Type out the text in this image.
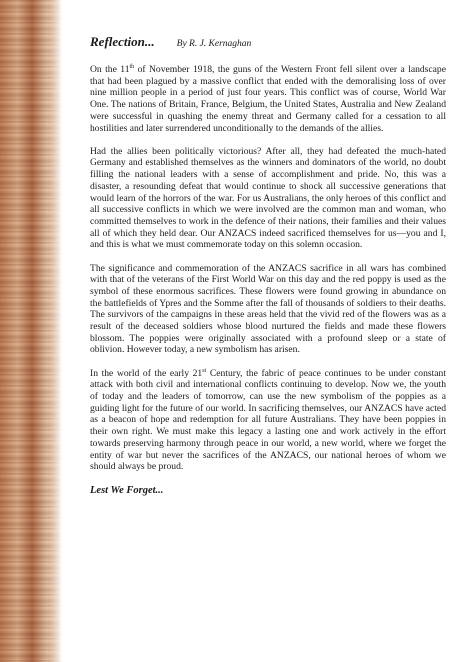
Reflection... By R. J. Kernaghan

On the 11th of November 1918, the guns of the Western Front fell silent over a landscape that had been plagued by a massive conflict that ended with the demoralising loss of over nine million people in a period of just four years. This conflict was of course, World War One. The nations of Britain, France, Belgium, the United States, Australia and New Zealand were successful in quashing the enemy threat and Germany called for a cessation to all hostilities and later surrendered unconditionally to the demands of the allies.

Had the allies been politically victorious? After all, they had defeated the much-hated Germany and established themselves as the winners and dominators of the world, no doubt filling the national leaders with a sense of accomplishment and pride. No, this was a disaster, a resounding defeat that would continue to shock all successive generations that would learn of the horrors of the war. For us Australians, the only heroes of this conflict and all successive conflicts in which we were involved are the common man and woman, who committed themselves to work in the defence of their nations, their families and their values all of which they held dear. Our ANZACS indeed sacrificed themselves for us—you and I, and this is what we must commemorate today on this solemn occasion.

The significance and commemoration of the ANZACS sacrifice in all wars has combined with that of the veterans of the First World War on this day and the red poppy is used as the symbol of these enormous sacrifices. These flowers were found growing in abundance on the battlefields of Ypres and the Somme after the fall of thousands of soldiers to their deaths. The survivors of the campaigns in these areas held that the vivid red of the flowers was as a result of the deceased soldiers whose blood nurtured the fields and made these flowers blossom. The poppies were originally associated with a profound sleep or a state of oblivion. However today, a new symbolism has arisen.

In the world of the early 21st Century, the fabric of peace continues to be under constant attack with both civil and international conflicts continuing to develop. Now we, the youth of today and the leaders of tomorrow, can use the new symbolism of the poppies as a guiding light for the future of our world. In sacrificing themselves, our ANZACS have acted as a beacon of hope and redemption for all future Australians. They have been poppies in their own right. We must make this legacy a lasting one and work actively in the effort towards preserving harmony through peace in our world, a new world, where we forget the entity of war but never the sacrifices of the ANZACS, our national heroes of whom we should always be proud.

Lest We Forget...
